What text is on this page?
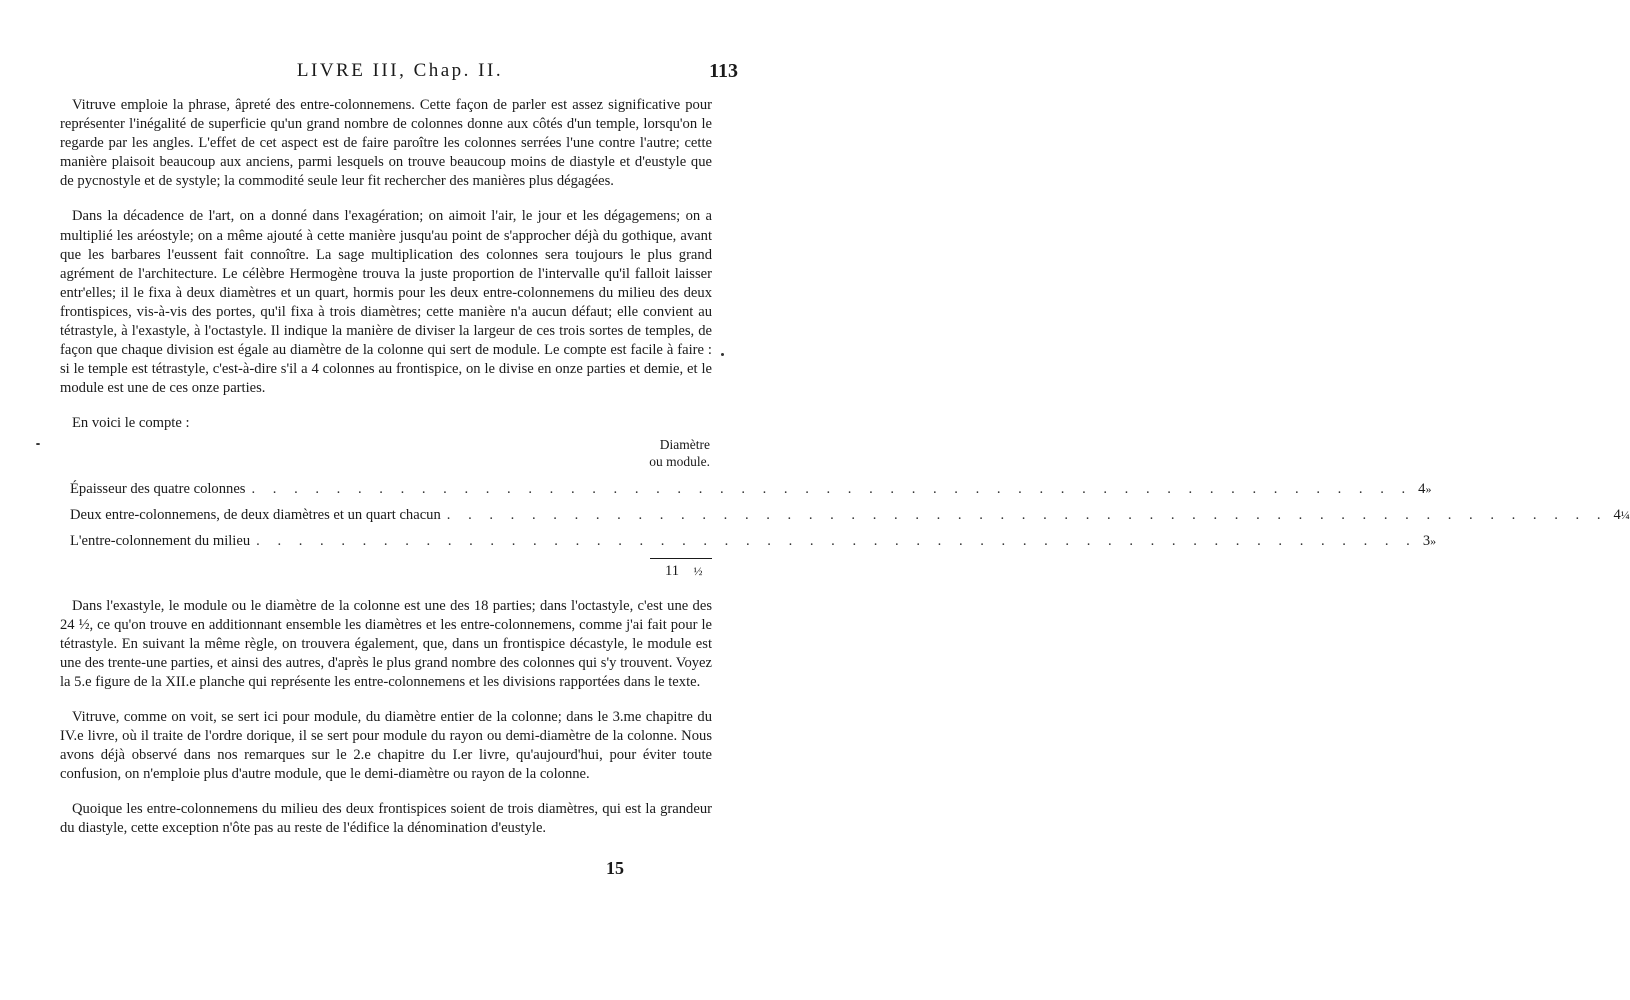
LIVRE III, Chap. II.	113

Vitruve emploie la phrase, âpreté des entre-colonnemens. Cette façon de parler est assez significative pour représenter l'inégalité de superficie qu'un grand nombre de colonnes donne aux côtés d'un temple, lorsqu'on le regarde par les angles. L'effet de cet aspect est de faire paroître les colonnes serrées l'une contre l'autre; cette manière plaisoit beaucoup aux anciens, parmi lesquels on trouve beaucoup moins de diastyle et d'eustyle que de pycnostyle et de systyle; la commodité seule leur fit rechercher des manières plus dégagées.

Dans la décadence de l'art, on a donné dans l'exagération; on aimoit l'air, le jour et les dégagemens; on a multiplié les aréostyle; on a même ajouté à cette manière jusqu'au point de s'approcher déjà du gothique, avant que les barbares l'eussent fait connoître. La sage multiplication des colonnes sera toujours le plus grand agrément de l'architecture. Le célèbre Hermogène trouva la juste proportion de l'intervalle qu'il falloit laisser entr'elles; il le fixa à deux diamètres et un quart, hormis pour les deux entre-colonnemens du milieu des deux frontispices, vis-à-vis des portes, qu'il fixa à trois diamètres; cette manière n'a aucun défaut; elle convient au tétrastyle, à l'exastyle, à l'octastyle. Il indique la manière de diviser la largeur de ces trois sortes de temples, de façon que chaque division est égale au diamètre de la colonne qui sert de module. Le compte est facile à faire : si le temple est tétrastyle, c'est-à-dire s'il a 4 colonnes au frontispice, on le divise en onze parties et demie, et le module est une de ces onze parties.

En voici le compte :
Diamètre
ou module.
Épaisseur des quatre colonnes . . . . . . . . . . . . . . . . . . . . . . . . . . . . . . . . . . . . . . . . . . . . . . . . . . . . . . . 4 »
Deux entre-colonnemens, de deux diamètres et un quart chacun . . . . . . . . . . . . . . . . . . . . . . . . . . . . . . . . . . . . . . . . . . . . . . . . . . . . . . . 4 ¼
L'entre-colonnement du milieu . . . . . . . . . . . . . . . . . . . . . . . . . . . . . . . . . . . . . . . . . . . . . . . . . . . . . . . 3 »
11	½

Dans l'exastyle, le module ou le diamètre de la colonne est une des 18 parties; dans l'octastyle, c'est une des 24 ½, ce qu'on trouve en additionnant ensemble les diamètres et les entre-colonnemens, comme j'ai fait pour le tétrastyle. En suivant la même règle, on trouvera également, que, dans un frontispice décastyle, le module est une des trente-une parties, et ainsi des autres, d'après le plus grand nombre des colonnes qui s'y trouvent. Voyez la 5.e figure de la XII.e planche qui représente les entre-colonnemens et les divisions rapportées dans le texte.

Vitruve, comme on voit, se sert ici pour module, du diamètre entier de la colonne; dans le 3.me chapitre du IV.e livre, où il traite de l'ordre dorique, il se sert pour module du rayon ou demi-diamètre de la colonne. Nous avons déjà observé dans nos remarques sur le 2.e chapitre du I.er livre, qu'aujourd'hui, pour éviter toute confusion, on n'emploie plus d'autre module, que le demi-diamètre ou rayon de la colonne.

Quoique les entre-colonnemens du milieu des deux frontispices soient de trois diamètres, qui est la grandeur du diastyle, cette exception n'ôte pas au reste de l'édifice la dénomination d'eustyle.

15
